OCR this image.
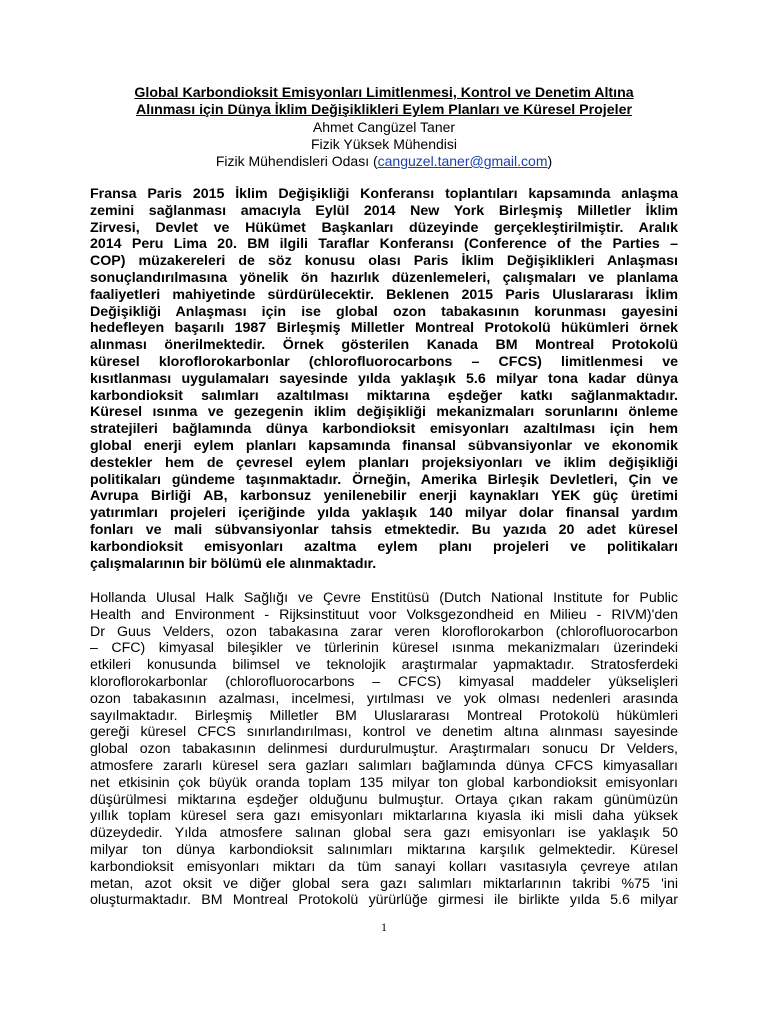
Global Karbondioksit Emisyonları Limitlenmesi, Kontrol ve Denetim Altına

Alınması için Dünya İklim Değişiklikleri Eylem Planları ve Küresel Projeler

Ahmet Cangüzel Taner

Fizik Yüksek Mühendisi

Fizik Mühendisleri Odası (canguzel.taner@gmail.com)

Fransa Paris 2015 İklim Değişikliği Konferansı toplantıları kapsamında anlaşma
zemini sağlanması amacıyla Eylül 2014 New York Birleşmiş Milletler İklim
Zirvesi, Devlet ve Hükümet Başkanları düzeyinde gerçekleştirilmiştir. Aralık
2014 Peru Lima 20. BM ilgili Taraflar Konferansı (Conference of the Parties –
COP) müzakereleri de söz konusu olası Paris İklim Değişiklikleri Anlaşması
sonuçlandırılmasına yönelik ön hazırlık düzenlemeleri, çalışmaları ve planlama
faaliyetleri mahiyetinde sürdürülecektir. Beklenen 2015 Paris Uluslararası İklim
Değişikliği Anlaşması için ise global ozon tabakasının korunması gayesini
hedefleyen başarılı 1987 Birleşmiş Milletler Montreal Protokolü hükümleri örnek
alınması önerilmektedir. Örnek gösterilen Kanada BM Montreal Protokolü
küresel kloroflorokarbonlar (chlorofluorocarbons – CFCS) limitlenmesi ve
kısıtlanması uygulamaları sayesinde yılda yaklaşık 5.6 milyar tona kadar dünya
karbondioksit salımları azaltılması miktarına eşdeğer katkı sağlanmaktadır.
Küresel ısınma ve gezegenin iklim değişikliği mekanizmaları sorunlarını önleme
stratejileri bağlamında dünya karbondioksit emisyonları azaltılması için hem
global enerji eylem planları kapsamında finansal sübvansiyonlar ve ekonomik
destekler hem de çevresel eylem planları projeksiyonları ve iklim değişikliği
politikaları gündeme taşınmaktadır. Örneğin, Amerika Birleşik Devletleri, Çin ve
Avrupa Birliği AB, karbonsuz yenilenebilir enerji kaynakları YEK güç üretimi
yatırımları projeleri içeriğinde yılda yaklaşık 140 milyar dolar finansal yardım
fonları ve mali sübvansiyonlar tahsis etmektedir. Bu yazıda 20 adet küresel
karbondioksit emisyonları azaltma eylem planı projeleri ve politikaları
çalışmalarının bir bölümü ele alınmaktadır.
Hollanda Ulusal Halk Sağlığı ve Çevre Enstitüsü (Dutch National Institute for Public
Health and Environment - Rijksinstituut voor Volksgezondheid en Milieu - RIVM)'den
Dr Guus Velders, ozon tabakasına zarar veren kloroflorokarbon (chlorofluorocarbon
– CFC) kimyasal bileşikler ve türlerinin küresel ısınma mekanizmaları üzerindeki
etkileri konusunda bilimsel ve teknolojik araştırmalar yapmaktadır. Stratosferdeki
kloroflorokarbonlar (chlorofluorocarbons – CFCS) kimyasal maddeler yükselişleri
ozon tabakasının azalması, incelmesi, yırtılması ve yok olması nedenleri arasında
sayılmaktadır. Birleşmiş Milletler BM Uluslararası Montreal Protokolü hükümleri
gereği küresel CFCS sınırlandırılması, kontrol ve denetim altına alınması sayesinde
global ozon tabakasının delinmesi durdurulmuştur. Araştırmaları sonucu Dr Velders,
atmosfere zararlı küresel sera gazları salımları bağlamında dünya CFCS kimyasalları
net etkisinin çok büyük oranda toplam 135 milyar ton global karbondioksit emisyonları
düşürülmesi miktarına eşdeğer olduğunu bulmuştur. Ortaya çıkan rakam günümüzün
yıllık toplam küresel sera gazı emisyonları miktarlarına kıyasla iki misli daha yüksek
düzeydedir. Yılda atmosfere salınan global sera gazı emisyonları ise yaklaşık 50
milyar ton dünya karbondioksit salınımları miktarına karşılık gelmektedir. Küresel
karbondioksit emisyonları miktarı da tüm sanayi kolları vasıtasıyla çevreye atılan
metan, azot oksit ve diğer global sera gazı salımları miktarlarının takribi %75 'ini
oluşturmaktadır. BM Montreal Protokolü yürürlüğe girmesi ile birlikte yılda 5.6 milyar
1
